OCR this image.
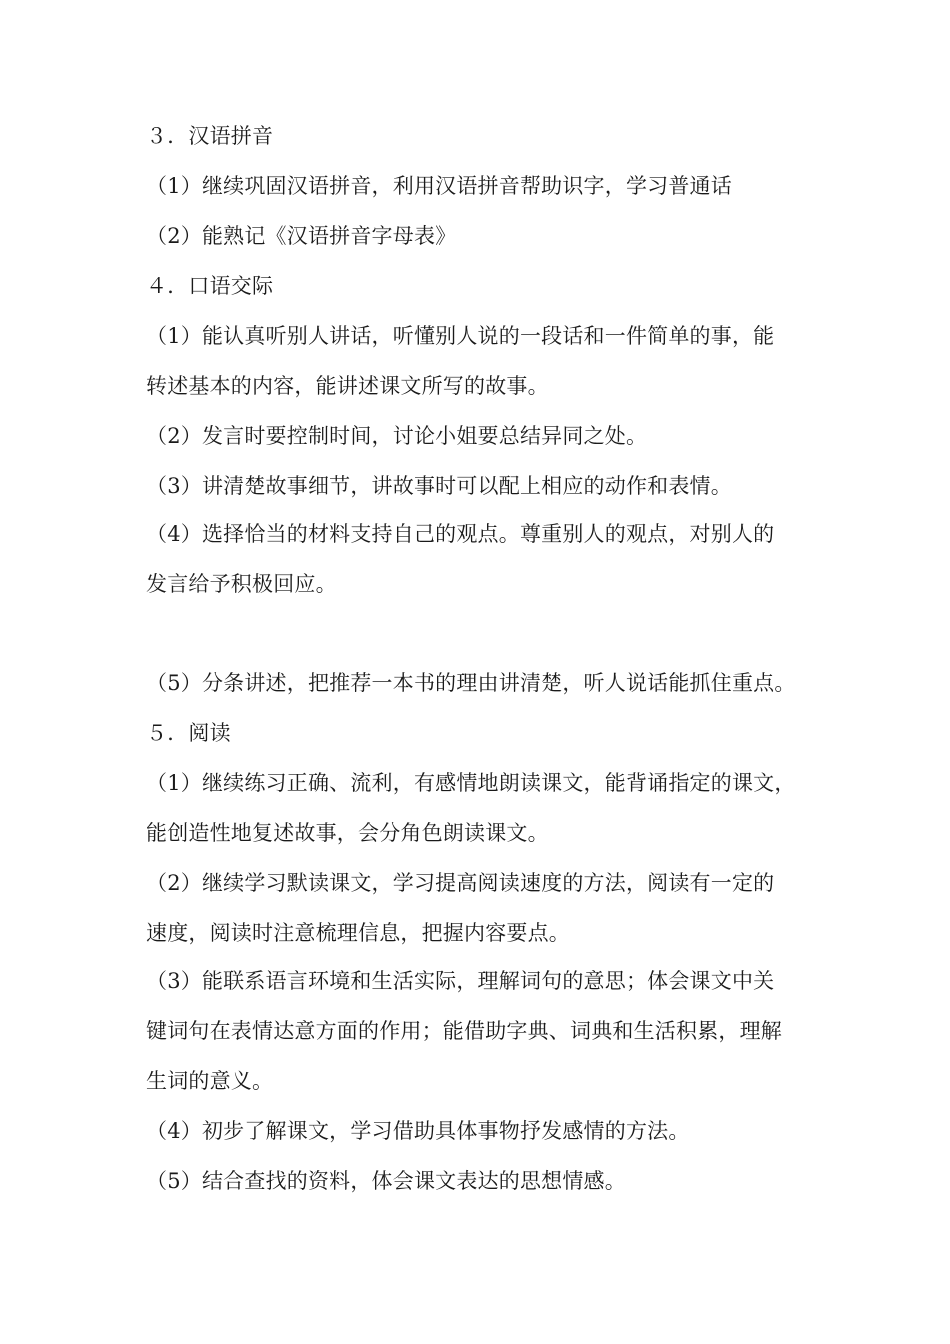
３．汉语拼音
（1）继续巩固汉语拼音，利用汉语拼音帮助识字，学习普通话
（2）能熟记《汉语拼音字母表》
４．口语交际
（1）能认真听别人讲话，听懂别人说的一段话和一件简单的事，能
转述基本的内容，能讲述课文所写的故事。
（2）发言时要控制时间，讨论小姐要总结异同之处。
（3）讲清楚故事细节，讲故事时可以配上相应的动作和表情。
（4）选择恰当的材料支持自己的观点。尊重别人的观点，对别人的
发言给予积极回应。
（5）分条讲述，把推荐一本书的理由讲清楚，听人说话能抓住重点。
５．阅读
（1）继续练习正确、流利，有感情地朗读课文，能背诵指定的课文，
能创造性地复述故事，会分角色朗读课文。
（2）继续学习默读课文，学习提高阅读速度的方法，阅读有一定的
速度，阅读时注意梳理信息，把握内容要点。
（3）能联系语言环境和生活实际，理解词句的意思；体会课文中关
键词句在表情达意方面的作用；能借助字典、词典和生活积累，理解
生词的意义。
（4）初步了解课文，学习借助具体事物抒发感情的方法。
（5）结合查找的资料，体会课文表达的思想情感。
